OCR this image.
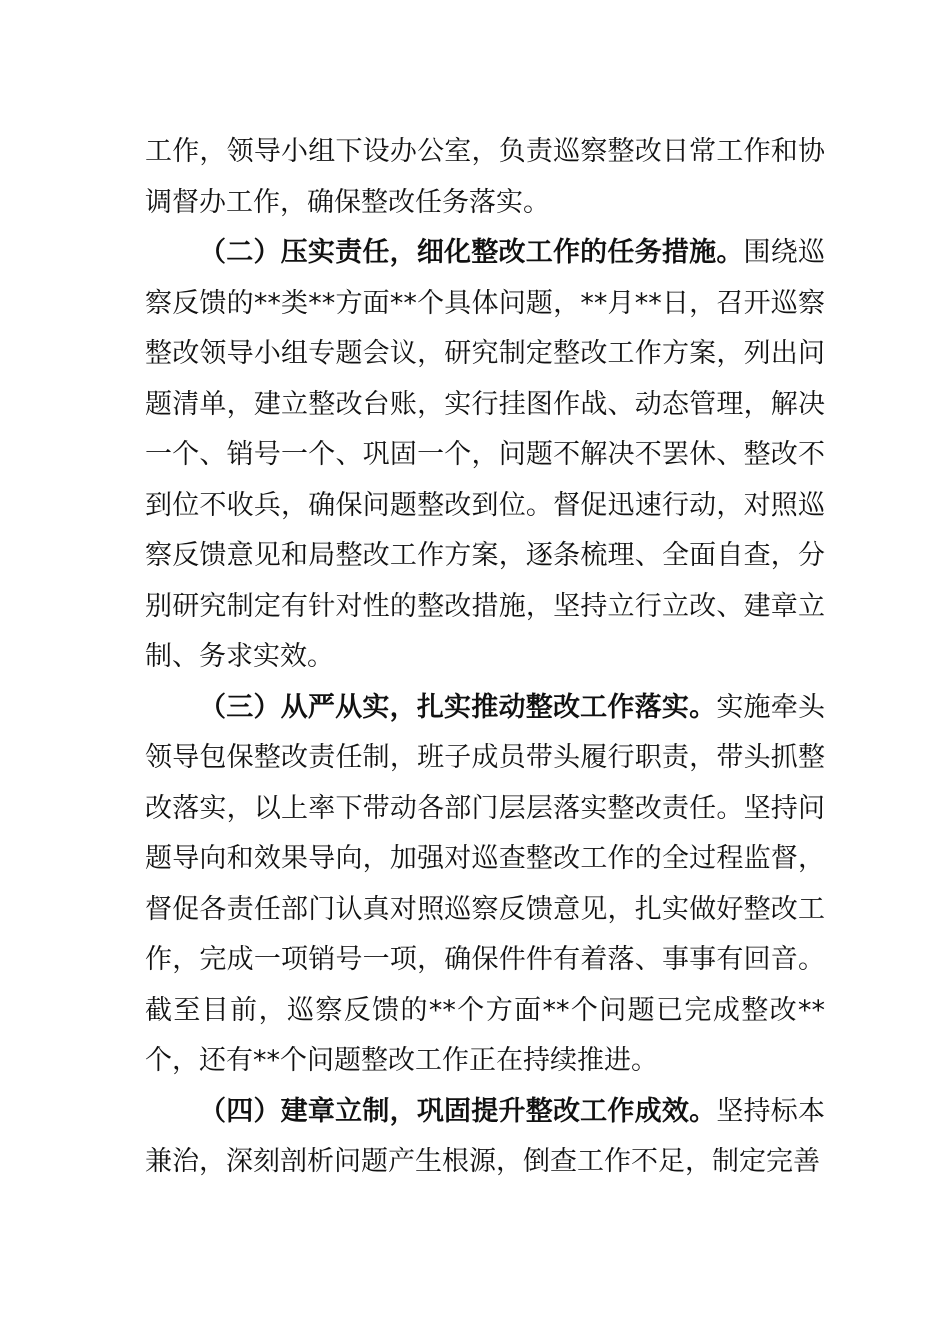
工作，领导小组下设办公室，负责巡察整改日常工作和协调督办工作，确保整改任务落实。

（二）压实责任，细化整改工作的任务措施。围绕巡察反馈的**类**方面**个具体问题，**月**日，召开巡察整改领导小组专题会议，研究制定整改工作方案，列出问题清单，建立整改台账，实行挂图作战、动态管理，解决一个、销号一个、巩固一个，问题不解决不罢休、整改不到位不收兵，确保问题整改到位。督促迅速行动，对照巡察反馈意见和局整改工作方案，逐条梳理、全面自查，分别研究制定有针对性的整改措施，坚持立行立改、建章立制、务求实效。

（三）从严从实，扎实推动整改工作落实。实施牵头领导包保整改责任制，班子成员带头履行职责，带头抓整改落实，以上率下带动各部门层层落实整改责任。坚持问题导向和效果导向，加强对巡查整改工作的全过程监督，督促各责任部门认真对照巡察反馈意见，扎实做好整改工作，完成一项销号一项，确保件件有着落、事事有回音。截至目前，巡察反馈的**个方面**个问题已完成整改**个，还有**个问题整改工作正在持续推进。

（四）建章立制，巩固提升整改工作成效。坚持标本兼治，深刻剖析问题产生根源，倒查工作不足，制定完善
